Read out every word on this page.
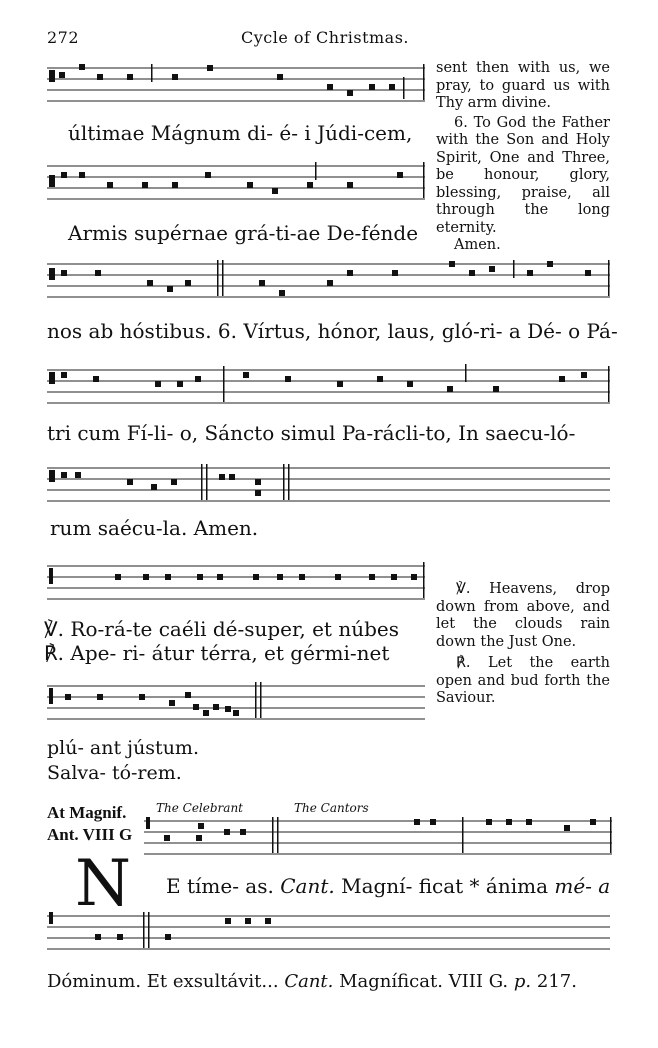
272	Cycle of Christmas.
últimae Mágnum di- é- i Júdi-cem,
Armis supérnae grá-ti-ae De-fénde

sent then with us, we pray, to guard us with Thy arm divine.

6. To God the Father with the Son and Holy Spirit, One and Three, be honour, glory, blessing, praise, all through the long eternity.

Amen.

nos ab hóstibus. 6. Vírtus, hónor, laus, gló-ri- a Dé- o Pá-
tri cum Fí-li- o, Sáncto simul Pa-rácli-to, In saecu-ló-
rum saécu-la. Amen.
℣. Ro-rá-te caéli dé-super, et núbes
℟. Ape- ri- átur térra, et gérmi-net

℣. Heavens, drop down from above, and let the clouds rain down the Just One.

℟. Let the earth open and bud forth the Saviour.

plú- ant jústum.
Salva- tó-rem.
At Magnif.
Ant. VIII G
The Celebrant	The Cantors
N E tíme- as. Cant. Magní- ficat * ánima mé- a
Dóminum. Et exsultávit... Cant. Magníficat. VIII G. p. 217.
